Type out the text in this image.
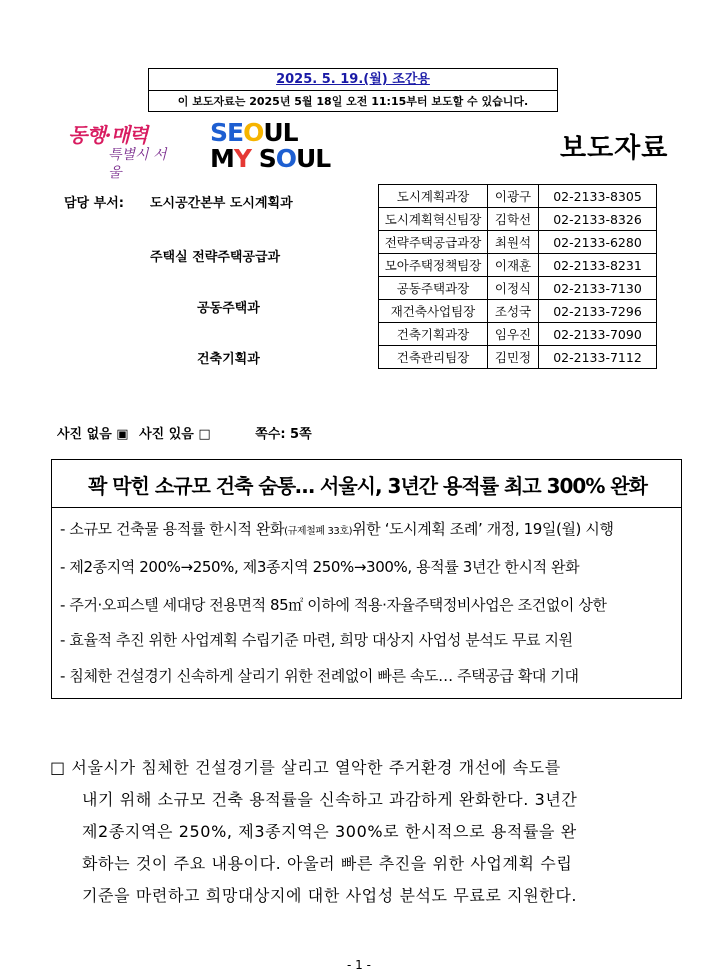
2025. 5. 19.(월) 조간용
이 보도자료는 2025년 5월 18일 오전 11:15부터 보도할 수 있습니다.
동행·매력
특별시 서울
SEOUL
MY SOUL	보도자료
담당 부서: 도시공간본부 도시계획과
주택실 전략주택공급과
공동주택과
건축기획과
도시계획과장	이광구	02-2133-8305
도시계획혁신팀장	김학선	02-2133-8326
전략주택공급과장	최원석	02-2133-6280
모아주택정책팀장	이재훈	02-2133-8231
공동주택과장	이정식	02-2133-7130
재건축사업팀장	조성국	02-2133-7296
건축기획과장	임우진	02-2133-7090
건축관리팀장	김민정	02-2133-7112
사진 없음 ▣ 사진 있음 □	쪽수: 5쪽
꽉 막힌 소규모 건축 숨통… 서울시, 3년간 용적률 최고 300% 완화
- 소규모 건축물 용적률 한시적 완화(규제철폐 33호)위한 ‘도시계획 조례’ 개정, 19일(월) 시행
- 제2종지역 200%→250%, 제3종지역 250%→300%, 용적률 3년간 한시적 완화
- 주거·오피스텔 세대당 전용면적 85㎡ 이하에 적용·자율주택정비사업은 조건없이 상한
- 효율적 추진 위한 사업계획 수립기준 마련, 희망 대상지 사업성 분석도 무료 지원
- 침체한 건설경기 신속하게 살리기 위한 전례없이 빠른 속도… 주택공급 확대 기대
□ 서울시가 침체한 건설경기를 살리고 열악한 주거환경 개선에 속도를
내기 위해 소규모 건축 용적률을 신속하고 과감하게 완화한다. 3년간
제2종지역은 250%, 제3종지역은 300%로 한시적으로 용적률을 완
화하는 것이 주요 내용이다. 아울러 빠른 추진을 위한 사업계획 수립
기준을 마련하고 희망대상지에 대한 사업성 분석도 무료로 지원한다.
- 1 -
